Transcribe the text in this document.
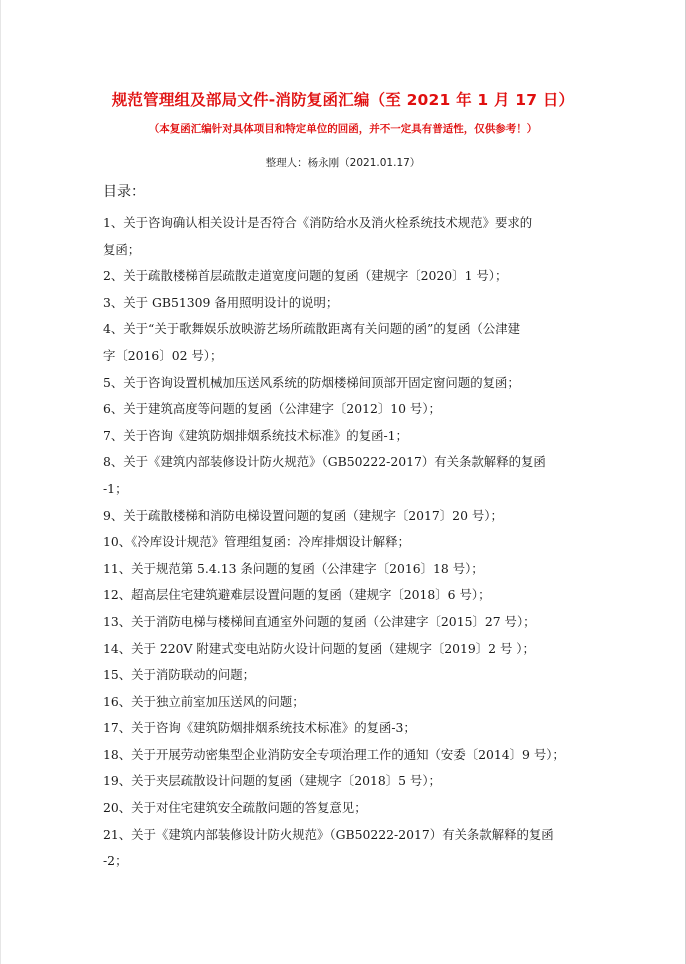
规范管理组及部局文件-消防复函汇编（至 2021 年 1 月 17 日）
（本复函汇编针对具体项目和特定单位的回函，并不一定具有普适性，仅供参考！）
整理人：杨永刚（2021.01.17）
目录：
1、关于咨询确认相关设计是否符合《消防给水及消火栓系统技术规范》要求的
复函；
2、关于疏散楼梯首层疏散走道宽度问题的复函（建规字〔2020〕1 号）；
3、关于 GB51309 备用照明设计的说明；
4、关于“关于歌舞娱乐放映游艺场所疏散距离有关问题的函”的复函（公津建
字〔2016〕02 号）；
5、关于咨询设置机械加压送风系统的防烟楼梯间顶部开固定窗问题的复函；
6、关于建筑高度等问题的复函（公津建字〔2012〕10 号）；
7、关于咨询《建筑防烟排烟系统技术标准》的复函-1；
8、关于《建筑内部装修设计防火规范》（GB50222-2017）有关条款解释的复函
-1；
9、关于疏散楼梯和消防电梯设置问题的复函（建规字〔2017〕20 号）；
10、《冷库设计规范》管理组复函：冷库排烟设计解释；
11、关于规范第 5.4.13 条问题的复函（公津建字〔2016〕18 号）；
12、超高层住宅建筑避难层设置问题的复函（建规字〔2018〕6 号）；
13、关于消防电梯与楼梯间直通室外问题的复函（公津建字〔2015〕27 号）；
14、关于 220V 附建式变电站防火设计问题的复函（建规字〔2019〕2 号 ）；
15、关于消防联动的问题；
16、关于独立前室加压送风的问题；
17、关于咨询《建筑防烟排烟系统技术标准》的复函-3；
18、关于开展劳动密集型企业消防安全专项治理工作的通知（安委〔2014〕9 号）；
19、关于夹层疏散设计问题的复函（建规字〔2018〕5 号）；
20、关于对住宅建筑安全疏散问题的答复意见；
21、关于《建筑内部装修设计防火规范》（GB50222-2017）有关条款解释的复函
-2；
